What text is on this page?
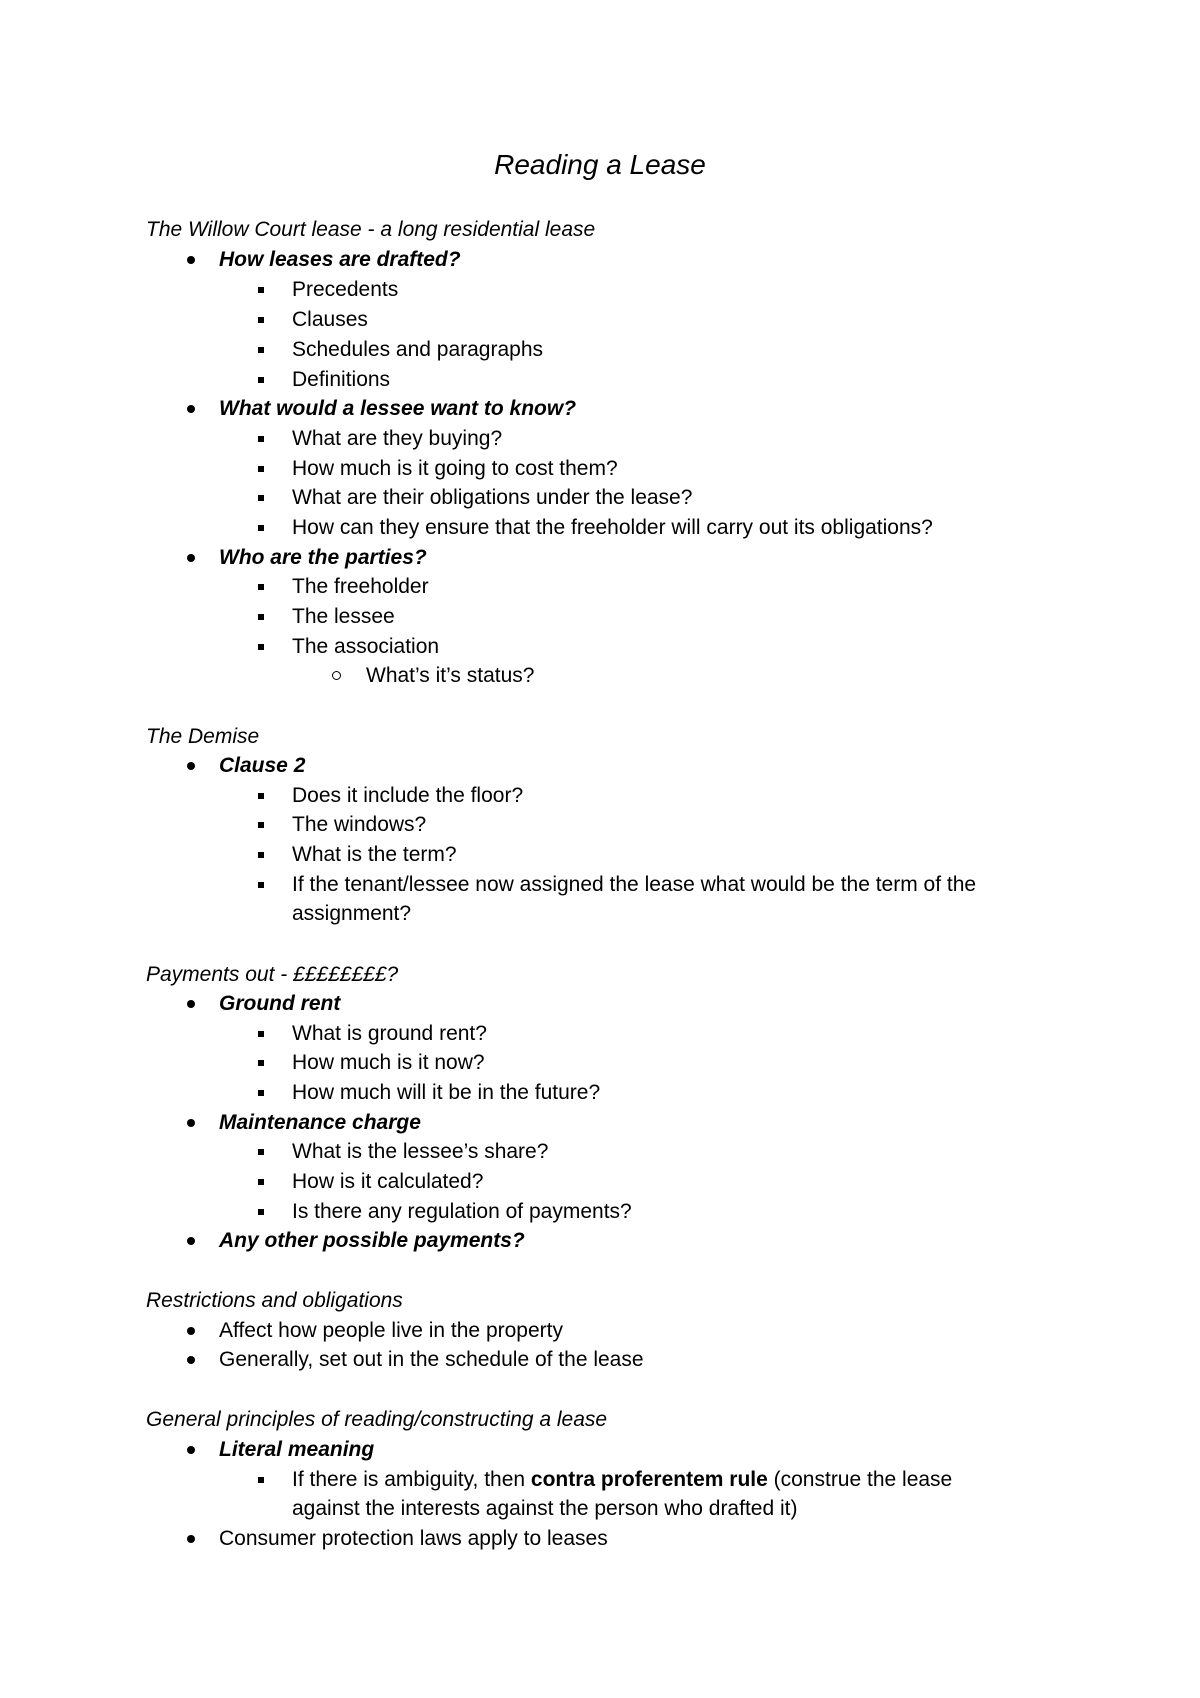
Reading a Lease
The Willow Court lease - a long residential lease
How leases are drafted?
Precedents
Clauses
Schedules and paragraphs
Definitions
What would a lessee want to know?
What are they buying?
How much is it going to cost them?
What are their obligations under the lease?
How can they ensure that the freeholder will carry out its obligations?
Who are the parties?
The freeholder
The lessee
The association
What’s it’s status?
The Demise
Clause 2
Does it include the floor?
The windows?
What is the term?
If the tenant/lessee now assigned the lease what would be the term of the
assignment?
Payments out - ££££££££?
Ground rent
What is ground rent?
How much is it now?
How much will it be in the future?
Maintenance charge
What is the lessee’s share?
How is it calculated?
Is there any regulation of payments?
Any other possible payments?
Restrictions and obligations
Affect how people live in the property
Generally, set out in the schedule of the lease
General principles of reading/constructing a lease
Literal meaning
If there is ambiguity, then contra proferentem rule (construe the lease
against the interests against the person who drafted it)
Consumer protection laws apply to leases
